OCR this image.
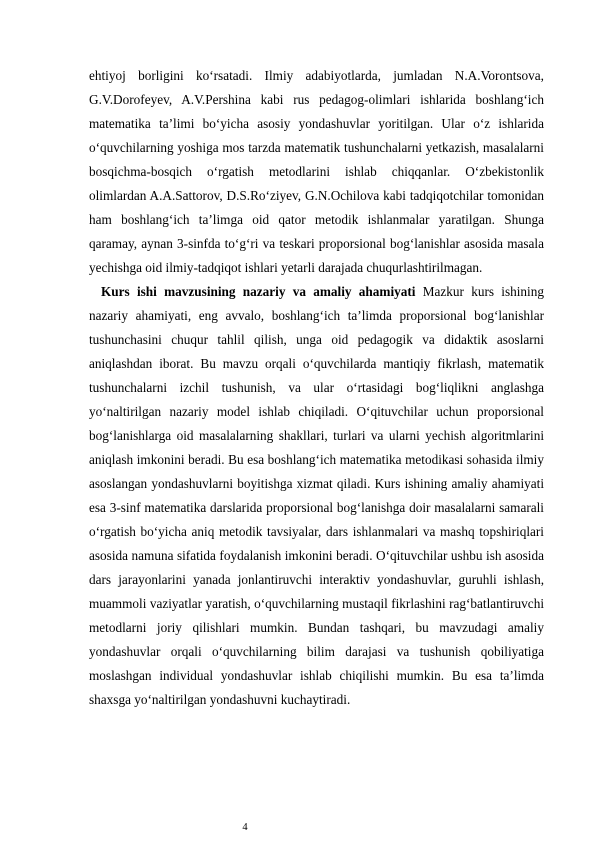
ehtiyoj borligini ko‘rsatadi. Ilmiy adabiyotlarda, jumladan N.A.Vorontsova, G.V.Dorofeyev, A.V.Pershina kabi rus pedagog-olimlari ishlarida boshlang‘ich matematika ta’limi bo‘yicha asosiy yondashuvlar yoritilgan. Ular o‘z ishlarida o‘quvchilarning yoshiga mos tarzda matematik tushunchalarni yetkazish, masalalarni bosqichma-bosqich o‘rgatish metodlarini ishlab chiqqanlar. O‘zbekistonlik olimlardan A.A.Sattorov, D.S.Ro‘ziyev, G.N.Ochilova kabi tadqiqotchilar tomonidan ham boshlang‘ich ta’limga oid qator metodik ishlanmalar yaratilgan. Shunga qaramay, aynan 3-sinfda to‘g‘ri va teskari proporsional bog‘lanishlar asosida masala yechishga oid ilmiy-tadqiqot ishlari yetarli darajada chuqurlashtirilmagan.

Kurs ishi mavzusining nazariy va amaliy ahamiyati Mazkur kurs ishining nazariy ahamiyati, eng avvalo, boshlang‘ich ta’limda proporsional bog‘lanishlar tushunchasini chuqur tahlil qilish, unga oid pedagogik va didaktik asoslarni aniqlashdan iborat. Bu mavzu orqali o‘quvchilarda mantiqiy fikrlash, matematik tushunchalarni izchil tushunish, va ular o‘rtasidagi bog‘liqlikni anglashga yo‘naltirilgan nazariy model ishlab chiqiladi. O‘qituvchilar uchun proporsional bog‘lanishlarga oid masalalarning shakllari, turlari va ularni yechish algoritmlarini aniqlash imkonini beradi. Bu esa boshlang‘ich matematika metodikasi sohasida ilmiy asoslangan yondashuvlarni boyitishga xizmat qiladi. Kurs ishining amaliy ahamiyati esa 3-sinf matematika darslarida proporsional bog‘lanishga doir masalalarni samarali o‘rgatish bo‘yicha aniq metodik tavsiyalar, dars ishlanmalari va mashq topshiriqlari asosida namuna sifatida foydalanish imkonini beradi. O‘qituvchilar ushbu ish asosida dars jarayonlarini yanada jonlantiruvchi interaktiv yondashuvlar, guruhli ishlash, muammoli vaziyatlar yaratish, o‘quvchilarning mustaqil fikrlashini rag‘batlantiruvchi metodlarni joriy qilishlari mumkin. Bundan tashqari, bu mavzudagi amaliy yondashuvlar orqali o‘quvchilarning bilim darajasi va tushunish qobiliyatiga moslashgan individual yondashuvlar ishlab chiqilishi mumkin. Bu esa ta’limda shaxsga yo‘naltirilgan yondashuvni kuchaytiradi.

4
